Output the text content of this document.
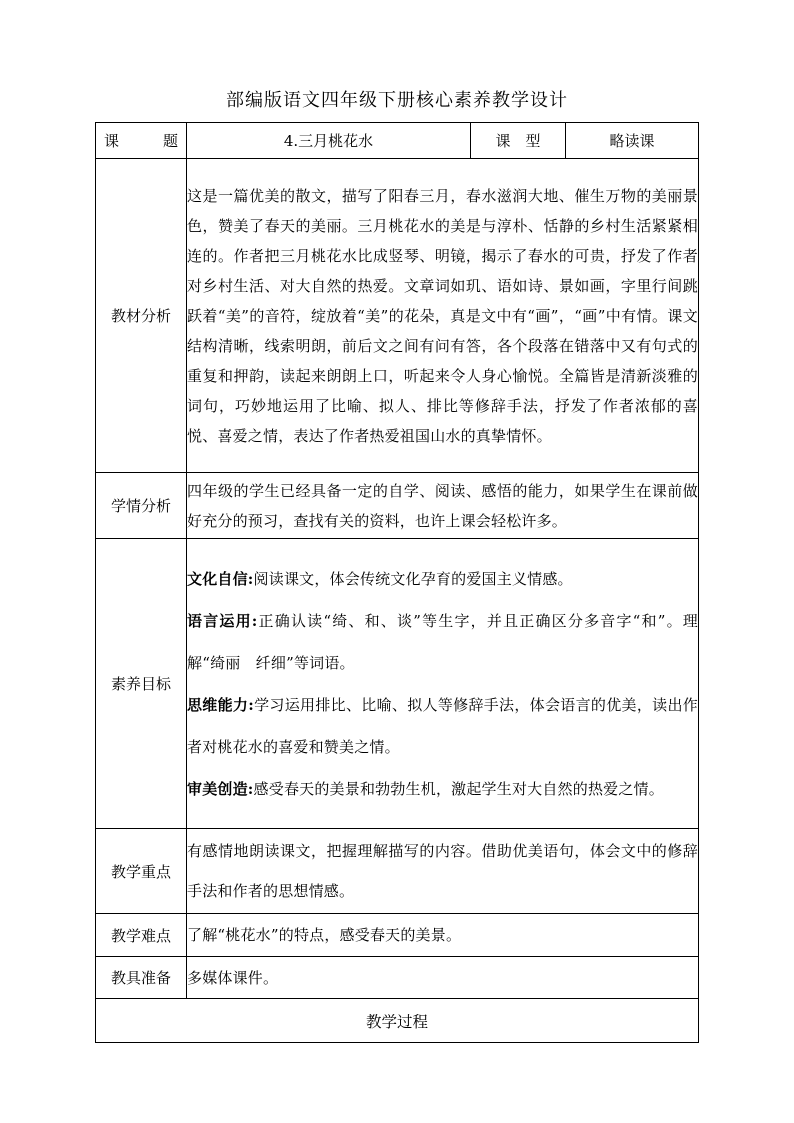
部编版语文四年级下册核心素养教学设计
课　　题	4.三月桃花水	课　型	略读课
教材分析	这是一篇优美的散文，描写了阳春三月，春水滋润大地、催生万物的美丽景色，赞美了春天的美丽。三月桃花水的美是与淳朴、恬静的乡村生活紧紧相连的。作者把三月桃花水比成竖琴、明镜，揭示了春水的可贵，抒发了作者对乡村生活、对大自然的热爱。文章词如玑、语如诗、景如画，字里行间跳跃着“美”的音符，绽放着“美”的花朵，真是文中有“画”，“画”中有情。课文结构清晰，线索明朗，前后文之间有问有答，各个段落在错落中又有句式的重复和押韵，读起来朗朗上口，听起来令人身心愉悦。全篇皆是清新淡雅的词句，巧妙地运用了比喻、拟人、排比等修辞手法，抒发了作者浓郁的喜悦、喜爱之情，表达了作者热爱祖国山水的真挚情怀。		
学情分析	四年级的学生已经具备一定的自学、阅读、感悟的能力，如果学生在课前做好充分的预习，查找有关的资料，也许上课会轻松许多。		
素养目标	文化自信:阅读课文，体会传统文化孕育的爱国主义情感。
语言运用:正确认读“绮、和、谈”等生字，并且正确区分多音字“和”。理解“绮丽　纤细”等词语。
思维能力:学习运用排比、比喻、拟人等修辞手法，体会语言的优美，读出作者对桃花水的喜爱和赞美之情。
审美创造:感受春天的美景和勃勃生机，激起学生对大自然的热爱之情。		

教学重点	有感情地朗读课文，把握理解描写的内容。借助优美语句，体会文中的修辞手法和作者的思想情感。		
教学难点	了解“桃花水”的特点，感受春天的美景。		
教具准备	多媒体课件。		
教学过程			
